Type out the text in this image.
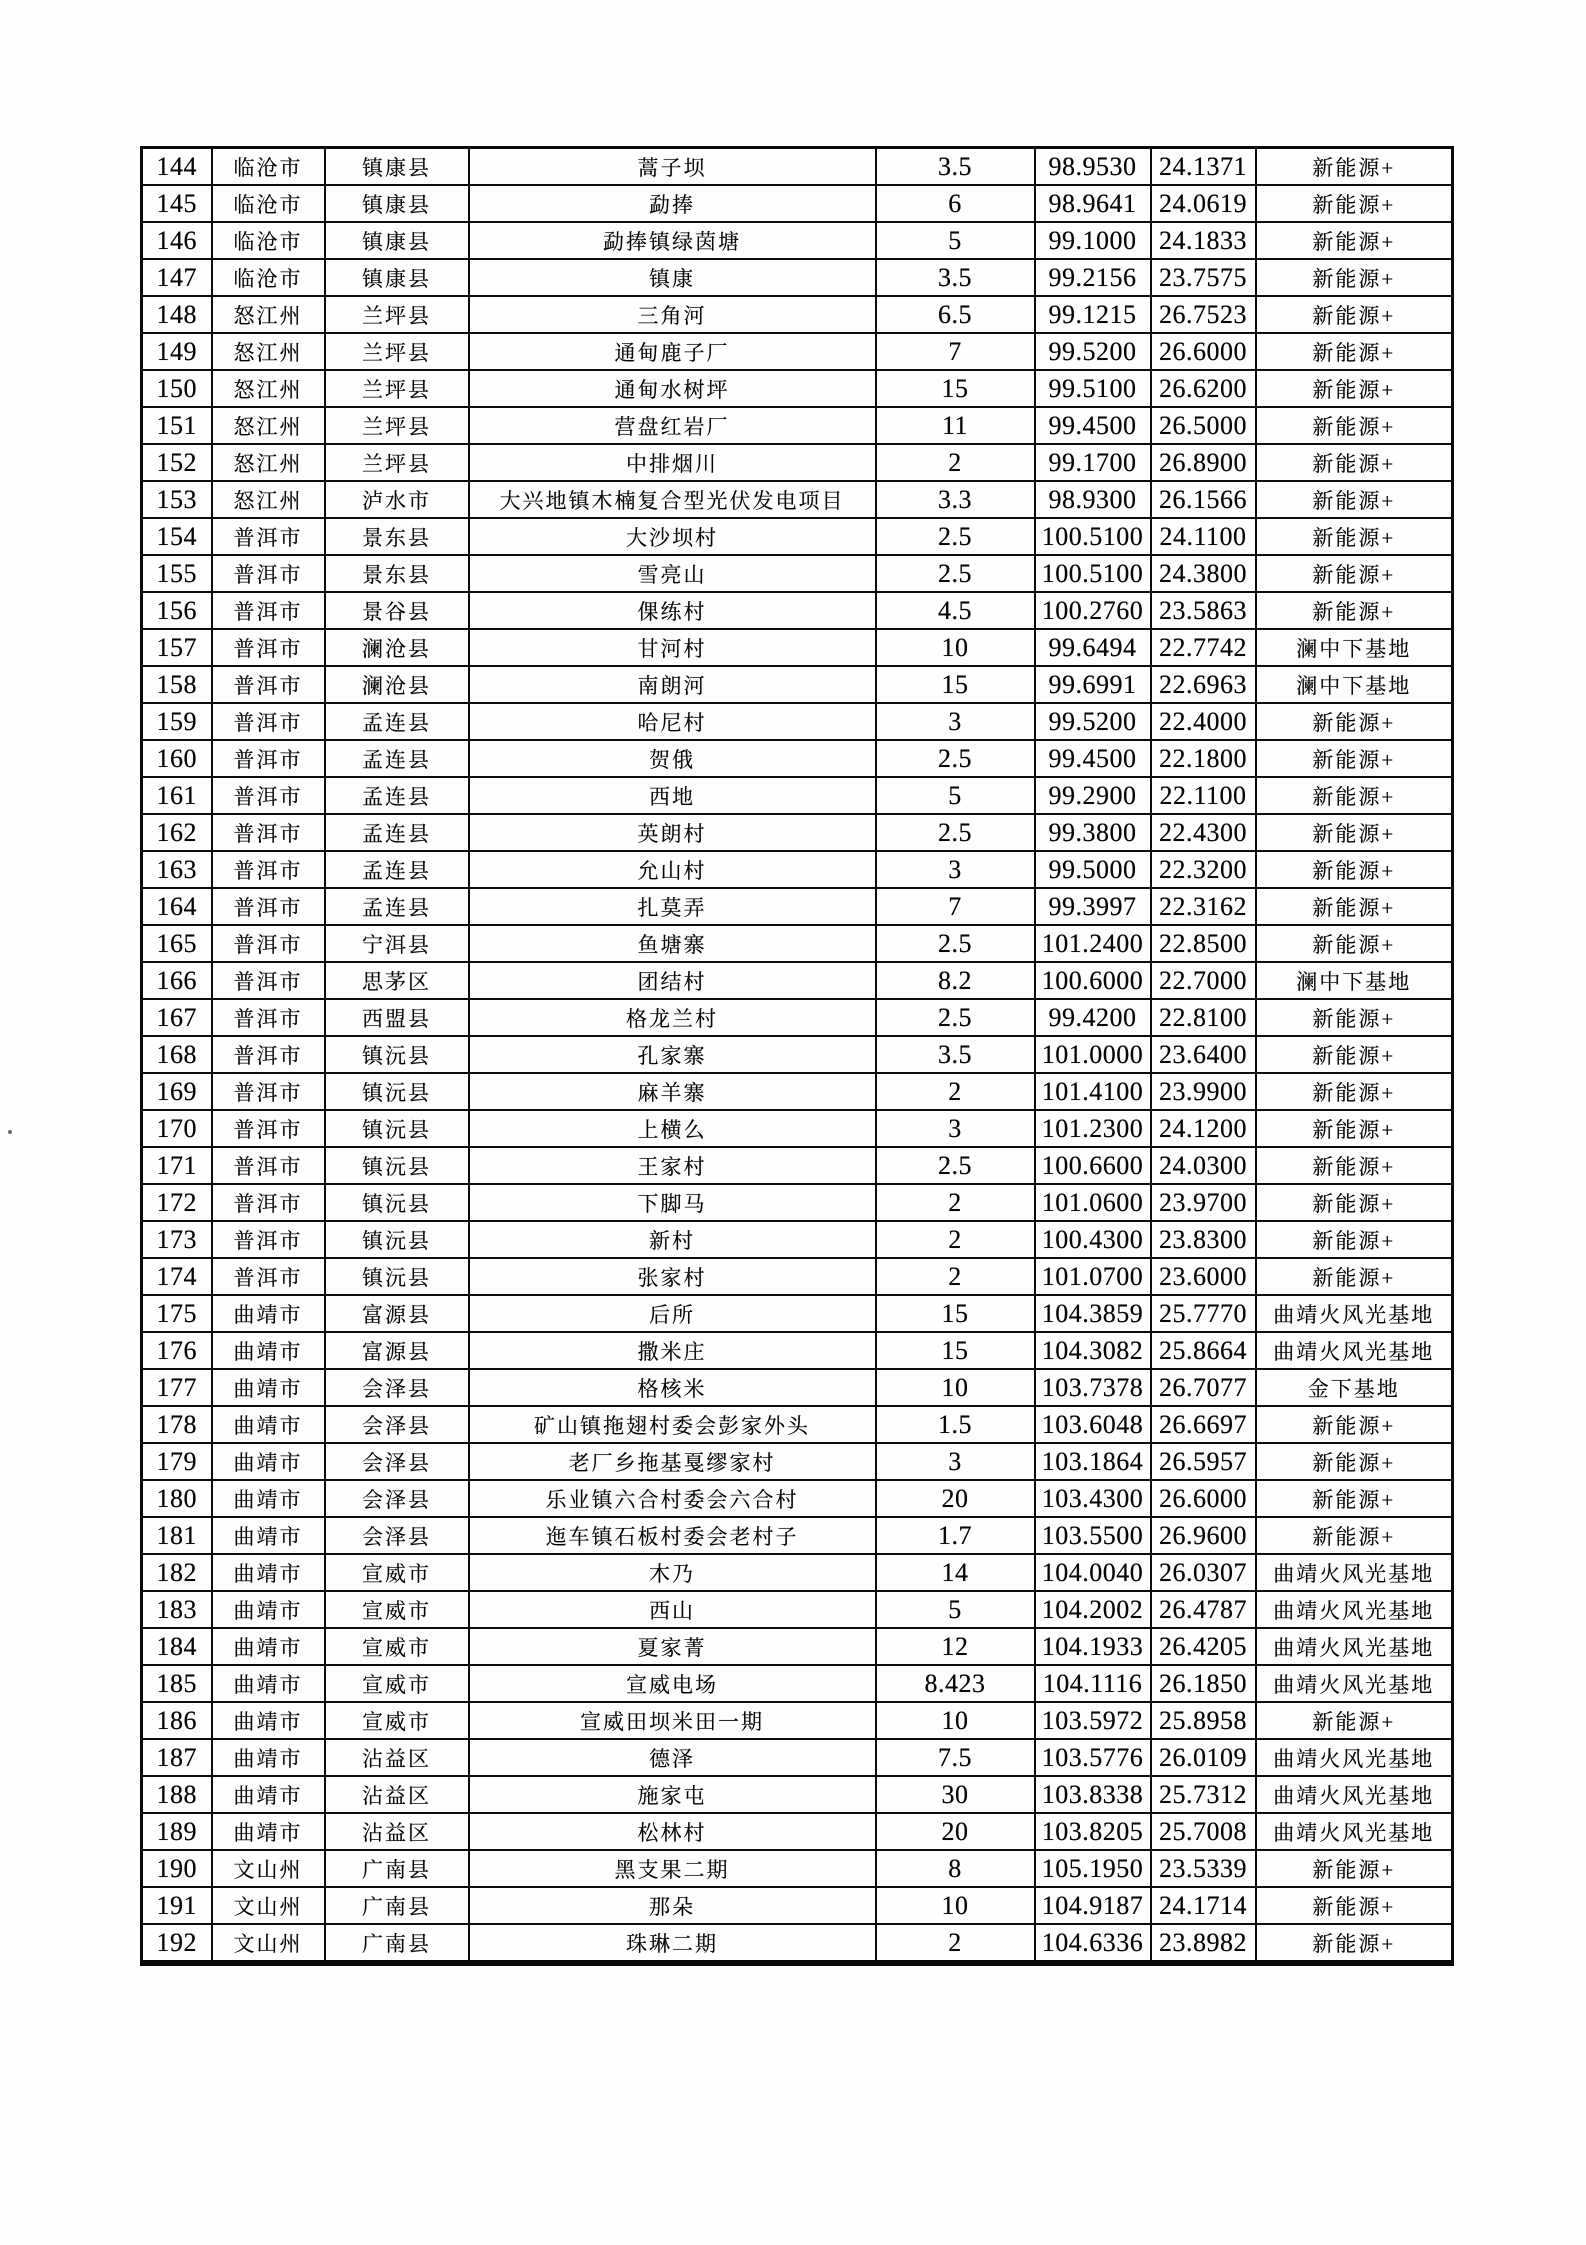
144	临沧市	镇康县	蒿子坝	3.5	98.9530	24.1371	新能源+
145	临沧市	镇康县	勐捧	6	98.9641	24.0619	新能源+
146	临沧市	镇康县	勐捧镇绿茵塘	5	99.1000	24.1833	新能源+
147	临沧市	镇康县	镇康	3.5	99.2156	23.7575	新能源+
148	怒江州	兰坪县	三角河	6.5	99.1215	26.7523	新能源+
149	怒江州	兰坪县	通甸鹿子厂	7	99.5200	26.6000	新能源+
150	怒江州	兰坪县	通甸水树坪	15	99.5100	26.6200	新能源+
151	怒江州	兰坪县	营盘红岩厂	11	99.4500	26.5000	新能源+
152	怒江州	兰坪县	中排烟川	2	99.1700	26.8900	新能源+
153	怒江州	泸水市	大兴地镇木楠复合型光伏发电项目	3.3	98.9300	26.1566	新能源+
154	普洱市	景东县	大沙坝村	2.5	100.5100	24.1100	新能源+
155	普洱市	景东县	雪亮山	2.5	100.5100	24.3800	新能源+
156	普洱市	景谷县	倮练村	4.5	100.2760	23.5863	新能源+
157	普洱市	澜沧县	甘河村	10	99.6494	22.7742	澜中下基地
158	普洱市	澜沧县	南朗河	15	99.6991	22.6963	澜中下基地
159	普洱市	孟连县	哈尼村	3	99.5200	22.4000	新能源+
160	普洱市	孟连县	贺俄	2.5	99.4500	22.1800	新能源+
161	普洱市	孟连县	西地	5	99.2900	22.1100	新能源+
162	普洱市	孟连县	英朗村	2.5	99.3800	22.4300	新能源+
163	普洱市	孟连县	允山村	3	99.5000	22.3200	新能源+
164	普洱市	孟连县	扎莫弄	7	99.3997	22.3162	新能源+
165	普洱市	宁洱县	鱼塘寨	2.5	101.2400	22.8500	新能源+
166	普洱市	思茅区	团结村	8.2	100.6000	22.7000	澜中下基地
167	普洱市	西盟县	格龙兰村	2.5	99.4200	22.8100	新能源+
168	普洱市	镇沅县	孔家寨	3.5	101.0000	23.6400	新能源+
169	普洱市	镇沅县	麻羊寨	2	101.4100	23.9900	新能源+
170	普洱市	镇沅县	上横么	3	101.2300	24.1200	新能源+
171	普洱市	镇沅县	王家村	2.5	100.6600	24.0300	新能源+
172	普洱市	镇沅县	下脚马	2	101.0600	23.9700	新能源+
173	普洱市	镇沅县	新村	2	100.4300	23.8300	新能源+
174	普洱市	镇沅县	张家村	2	101.0700	23.6000	新能源+
175	曲靖市	富源县	后所	15	104.3859	25.7770	曲靖火风光基地
176	曲靖市	富源县	撒米庄	15	104.3082	25.8664	曲靖火风光基地
177	曲靖市	会泽县	格核米	10	103.7378	26.7077	金下基地
178	曲靖市	会泽县	矿山镇拖翅村委会彭家外头	1.5	103.6048	26.6697	新能源+
179	曲靖市	会泽县	老厂乡拖基戛缪家村	3	103.1864	26.5957	新能源+
180	曲靖市	会泽县	乐业镇六合村委会六合村	20	103.4300	26.6000	新能源+
181	曲靖市	会泽县	迤车镇石板村委会老村子	1.7	103.5500	26.9600	新能源+
182	曲靖市	宣威市	木乃	14	104.0040	26.0307	曲靖火风光基地
183	曲靖市	宣威市	西山	5	104.2002	26.4787	曲靖火风光基地
184	曲靖市	宣威市	夏家菁	12	104.1933	26.4205	曲靖火风光基地
185	曲靖市	宣威市	宣威电场	8.423	104.1116	26.1850	曲靖火风光基地
186	曲靖市	宣威市	宣威田坝米田一期	10	103.5972	25.8958	新能源+
187	曲靖市	沾益区	德泽	7.5	103.5776	26.0109	曲靖火风光基地
188	曲靖市	沾益区	施家屯	30	103.8338	25.7312	曲靖火风光基地
189	曲靖市	沾益区	松林村	20	103.8205	25.7008	曲靖火风光基地
190	文山州	广南县	黑支果二期	8	105.1950	23.5339	新能源+
191	文山州	广南县	那朵	10	104.9187	24.1714	新能源+
192	文山州	广南县	珠琳二期	2	104.6336	23.8982	新能源+
